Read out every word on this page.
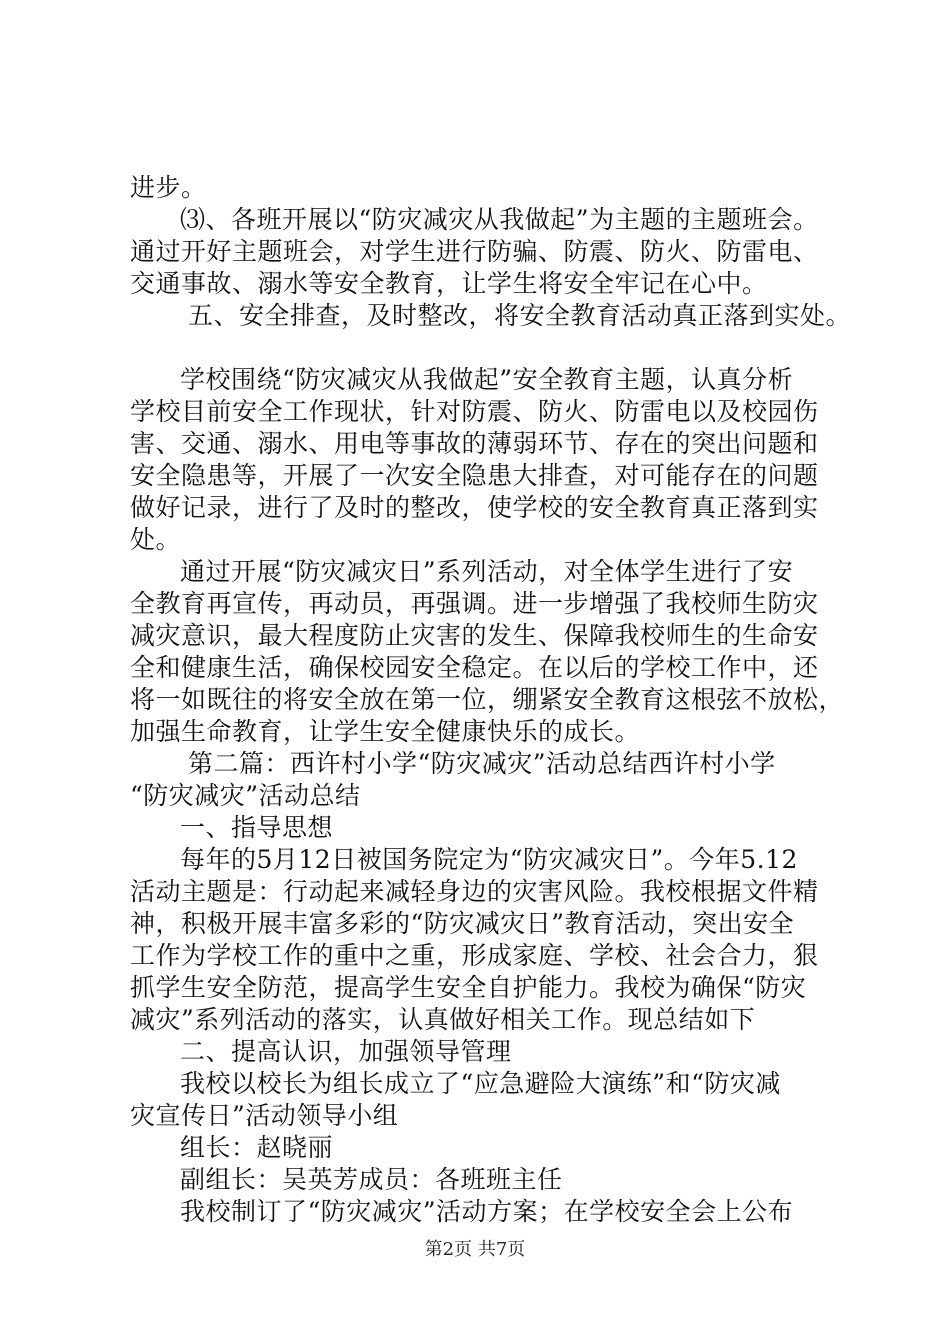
进步。
⑶、各班开展以“防灾减灾从我做起”为主题的主题班会。
通过开好主题班会，对学生进行防骗、防震、防火、防雷电、
交通事故、溺水等安全教育，让学生将安全牢记在心中。
五、安全排查，及时整改，将安全教育活动真正落到实处。
学校围绕“防灾减灾从我做起”安全教育主题，认真分析
学校目前安全工作现状，针对防震、防火、防雷电以及校园伤
害、交通、溺水、用电等事故的薄弱环节、存在的突出问题和
安全隐患等，开展了一次安全隐患大排查，对可能存在的问题
做好记录，进行了及时的整改，使学校的安全教育真正落到实
处。
通过开展“防灾减灾日”系列活动，对全体学生进行了安
全教育再宣传，再动员，再强调。进一步增强了我校师生防灾
减灾意识，最大程度防止灾害的发生、保障我校师生的生命安
全和健康生活，确保校园安全稳定。在以后的学校工作中，还
将一如既往的将安全放在第一位，绷紧安全教育这根弦不放松，
加强生命教育，让学生安全健康快乐的成长。
第二篇：西许村小学“防灾减灾”活动总结西许村小学
“防灾减灾”活动总结
一、指导思想
每年的5月12日被国务院定为“防灾减灾日”。今年5.12
活动主题是：行动起来减轻身边的灾害风险。我校根据文件精
神，积极开展丰富多彩的“防灾减灾日”教育活动，突出安全
工作为学校工作的重中之重，形成家庭、学校、社会合力，狠
抓学生安全防范，提高学生安全自护能力。我校为确保“防灾
减灾”系列活动的落实，认真做好相关工作。现总结如下
二、提高认识，加强领导管理
我校以校长为组长成立了“应急避险大演练”和“防灾减
灾宣传日”活动领导小组
组长：赵晓丽
副组长：吴英芳成员：各班班主任
我校制订了“防灾减灾”活动方案；在学校安全会上公布
第2页 共7页
